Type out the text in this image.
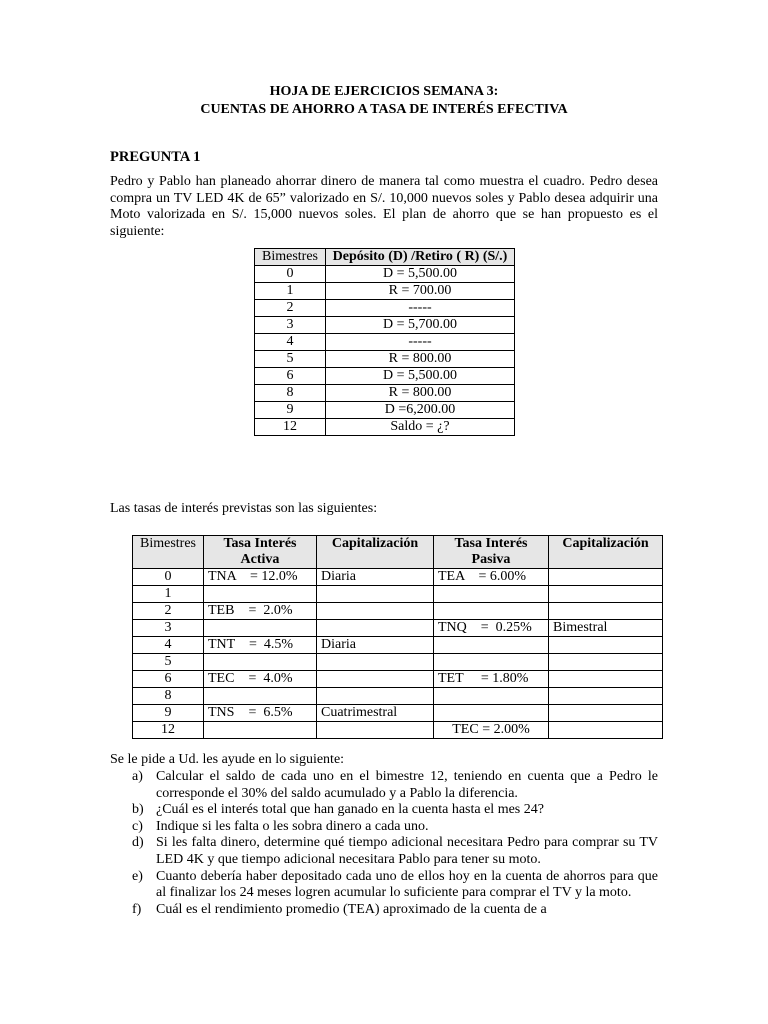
HOJA DE EJERCICIOS SEMANA 3:
CUENTAS DE AHORRO A TASA DE INTERÉS EFECTIVA
PREGUNTA 1
Pedro y Pablo han planeado ahorrar dinero de manera tal como muestra el cuadro. Pedro desea compra un TV LED 4K de 65” valorizado en S/. 10,000 nuevos soles y Pablo desea adquirir una Moto valorizada en S/. 15,000 nuevos soles. El plan de ahorro que se han propuesto es el siguiente:
Bimestres	Depósito (D) /Retiro ( R) (S/.)
0	D = 5,500.00
1	R = 700.00
2	-----
3	D = 5,700.00
4	-----
5	R = 800.00
6	D = 5,500.00
8	R = 800.00
9	D =6,200.00
12	Saldo = ¿?
Las tasas de interés previstas son las siguientes:
Bimestres	Tasa Interés Activa	Capitalización	Tasa Interés Pasiva	Capitalización
0	TNA    = 12.0%	Diaria	TEA    = 6.00%	
1				
2	TEB    =  2.0%			
3			TNQ    =  0.25%	Bimestral
4	TNT    =  4.5%	Diaria		
5				
6	TEC    =  4.0%		TET     = 1.80%	
8				
9	TNS    =  6.5%	Cuatrimestral		
12			TEC = 2.00%	
Se le pide a Ud. les ayude en lo siguiente:
a) Calcular el saldo de cada uno en el bimestre 12, teniendo en cuenta que a Pedro le corresponde el 30% del saldo acumulado y a Pablo la diferencia.
b) ¿Cuál es el interés total que han ganado en la cuenta hasta el mes 24?
c) Indique si les falta o les sobra dinero a cada uno.
d) Si les falta dinero, determine qué tiempo adicional necesitara Pedro para comprar su TV LED 4K y que tiempo adicional necesitara Pablo para tener su moto.
e) Cuanto debería haber depositado cada uno de ellos hoy en la cuenta de ahorros para que al finalizar los 24 meses logren acumular lo suficiente para comprar el TV y la moto.
f) Cuál es el rendimiento promedio (TEA) aproximado de la cuenta de a
